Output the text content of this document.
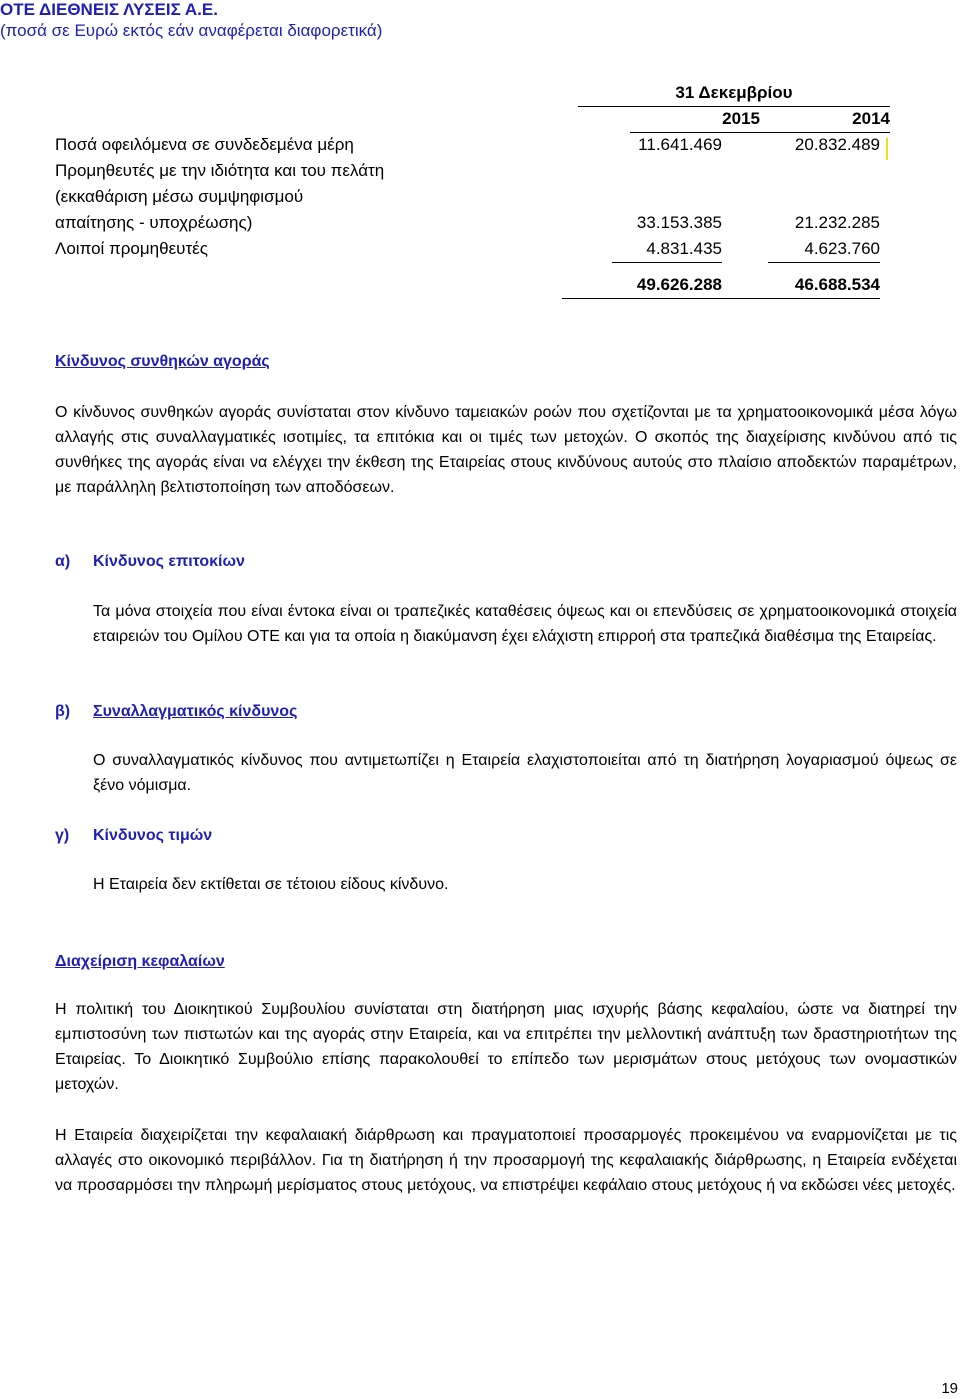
ΟΤΕ ΔΙΕΘΝΕΙΣ ΛΥΣΕΙΣ Α.Ε.
(ποσά σε Ευρώ εκτός εάν αναφέρεται διαφορετικά)
31 Δεκεμβρίου
2015	2014
Ποσά οφειλόμενα σε συνδεδεμένα μέρη	11.641.469	20.832.489
Προμηθευτές με την ιδιότητα και του πελάτη
(εκκαθάριση μέσω συμψηφισμού
απαίτησης - υποχρέωσης)	33.153.385	21.232.285
Λοιποί προμηθευτές	4.831.435	4.623.760
49.626.288	46.688.534
Κίνδυνος συνθηκών αγοράς
Ο κίνδυνος συνθηκών αγοράς συνίσταται στον κίνδυνο ταμειακών ροών που σχετίζονται με τα χρηματοοικονομικά μέσα λόγω αλλαγής στις συναλλαγματικές ισοτιμίες, τα επιτόκια και οι τιμές των μετοχών. Ο σκοπός της διαχείρισης κινδύνου από τις συνθήκες της αγοράς είναι να ελέγχει την έκθεση της Εταιρείας στους κινδύνους αυτούς στο πλαίσιο αποδεκτών παραμέτρων, με παράλληλη βελτιστοποίηση των αποδόσεων.
α) Κίνδυνος επιτοκίων
Τα μόνα στοιχεία που είναι έντοκα είναι οι τραπεζικές καταθέσεις όψεως και οι επενδύσεις σε χρηματοοικονομικά στοιχεία εταιρειών του Ομίλου ΟΤΕ και για τα οποία η διακύμανση έχει ελάχιστη επιρροή στα τραπεζικά διαθέσιμα της Εταιρείας.
β) Συναλλαγματικός κίνδυνος
Ο συναλλαγματικός κίνδυνος που αντιμετωπίζει η Εταιρεία ελαχιστοποιείται από τη διατήρηση λογαριασμού όψεως σε ξένο νόμισμα.
γ) Κίνδυνος τιμών
Η Εταιρεία δεν εκτίθεται σε τέτοιου είδους κίνδυνο.
Διαχείριση κεφαλαίων
Η πολιτική του Διοικητικού Συμβουλίου συνίσταται στη διατήρηση μιας ισχυρής βάσης κεφαλαίου, ώστε να διατηρεί την εμπιστοσύνη των πιστωτών και της αγοράς στην Εταιρεία, και να επιτρέπει την μελλοντική ανάπτυξη των δραστηριοτήτων της Εταιρείας. Το Διοικητικό Συμβούλιο επίσης παρακολουθεί το επίπεδο των μερισμάτων στους μετόχους των ονομαστικών μετοχών.
Η Εταιρεία διαχειρίζεται την κεφαλαιακή διάρθρωση και πραγματοποιεί προσαρμογές προκειμένου να εναρμονίζεται με τις αλλαγές στο οικονομικό περιβάλλον. Για τη διατήρηση ή την προσαρμογή της κεφαλαιακής διάρθρωσης, η Εταιρεία ενδέχεται να προσαρμόσει την πληρωμή μερίσματος στους μετόχους, να επιστρέψει κεφάλαιο στους μετόχους ή να εκδώσει νέες μετοχές.
19
